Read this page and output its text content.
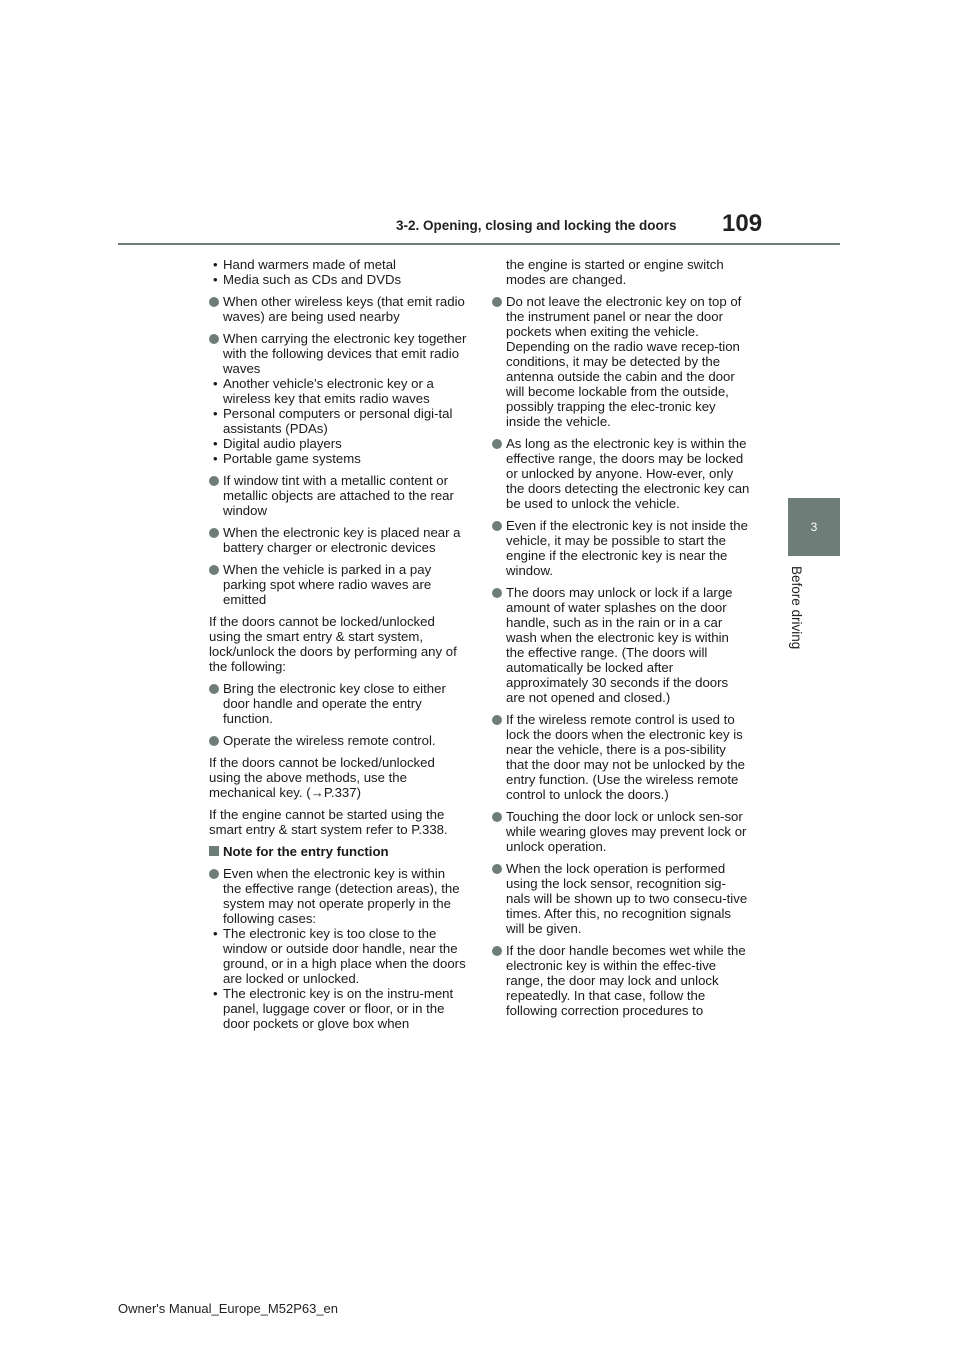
3-2. Opening, closing and locking the doors 109
3
Before driving
• Hand warmers made of metal
• Media such as CDs and DVDs
When other wireless keys (that emit radio waves) are being used nearby
When carrying the electronic key together with the following devices that emit radio waves
• Another vehicle’s electronic key or a wireless key that emits radio waves
• Personal computers or personal digi-tal assistants (PDAs)
• Digital audio players
• Portable game systems
If window tint with a metallic content or metallic objects are attached to the rear window
When the electronic key is placed near a battery charger or electronic devices
When the vehicle is parked in a pay parking spot where radio waves are emitted
If the doors cannot be locked/unlocked using the smart entry & start system, lock/unlock the doors by performing any of the following:
Bring the electronic key close to either door handle and operate the entry function.
Operate the wireless remote control.
If the doors cannot be locked/unlocked using the above methods, use the mechanical key. (→P.337)
If the engine cannot be started using the smart entry & start system refer to P.338.
Note for the entry function
Even when the electronic key is within the effective range (detection areas), the system may not operate properly in the following cases:
• The electronic key is too close to the window or outside door handle, near the ground, or in a high place when the doors are locked or unlocked.
• The electronic key is on the instru-ment panel, luggage cover or floor, or in the door pockets or glove box when
the engine is started or engine switch modes are changed.
Do not leave the electronic key on top of the instrument panel or near the door pockets when exiting the vehicle. Depending on the radio wave recep-tion conditions, it may be detected by the antenna outside the cabin and the door will become lockable from the outside, possibly trapping the elec-tronic key inside the vehicle.
As long as the electronic key is within the effective range, the doors may be locked or unlocked by anyone. How-ever, only the doors detecting the electronic key can be used to unlock the vehicle.
Even if the electronic key is not inside the vehicle, it may be possible to start the engine if the electronic key is near the window.
The doors may unlock or lock if a large amount of water splashes on the door handle, such as in the rain or in a car wash when the electronic key is within the effective range. (The doors will automatically be locked after approximately 30 seconds if the doors are not opened and closed.)
If the wireless remote control is used to lock the doors when the electronic key is near the vehicle, there is a pos-sibility that the door may not be unlocked by the entry function. (Use the wireless remote control to unlock the doors.)
Touching the door lock or unlock sen-sor while wearing gloves may prevent lock or unlock operation.
When the lock operation is performed using the lock sensor, recognition sig-nals will be shown up to two consecu-tive times. After this, no recognition signals will be given.
If the door handle becomes wet while the electronic key is within the effec-tive range, the door may lock and unlock repeatedly. In that case, follow the following correction procedures to
Owner's Manual_Europe_M52P63_en
